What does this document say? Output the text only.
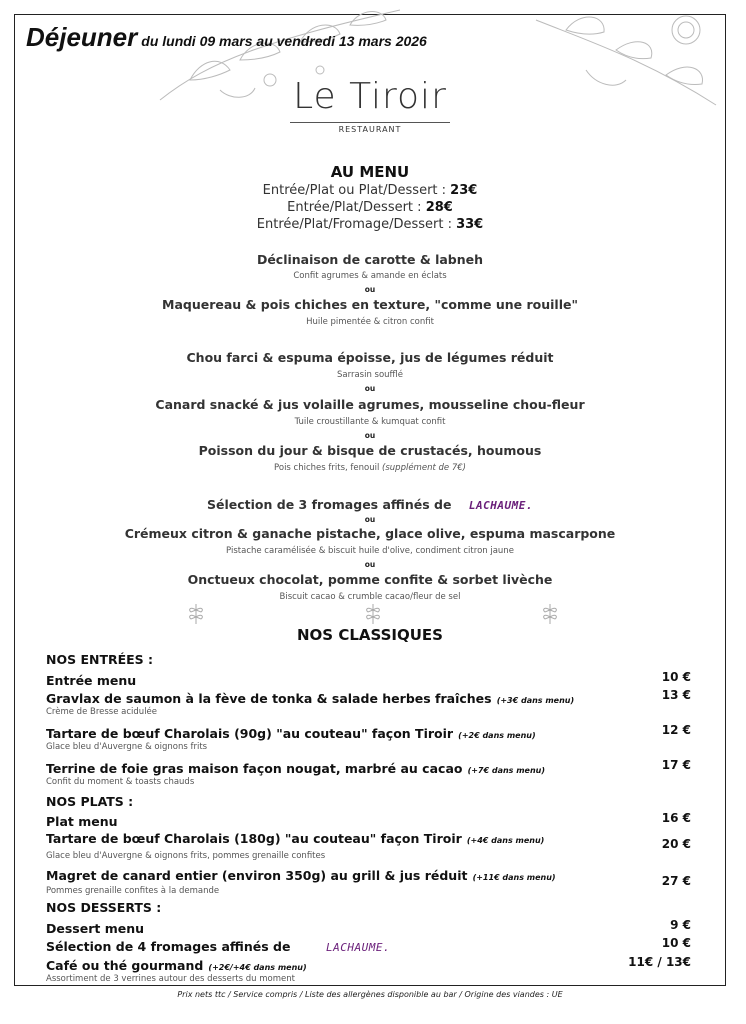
Déjeuner du lundi 09 mars au vendredi 13 mars 2026
Le Tiroir
RESTAURANT
AU MENU
Entrée/Plat ou Plat/Dessert : 23€
Entrée/Plat/Dessert : 28€
Entrée/Plat/Fromage/Dessert : 33€
Déclinaison de carotte & labneh
Confit agrumes & amande en éclats
ou
Maquereau & pois chiches en texture, "comme une rouille"
Huile pimentée & citron confit
Chou farci & espuma époisse, jus de légumes réduit
Sarrasin soufflé
ou
Canard snacké & jus volaille agrumes, mousseline chou-fleur
Tuile croustillante & kumquat confit
ou
Poisson du jour & bisque de crustacés, houmous
Pois chiches frits, fenouil (supplément de 7€)
Sélection de 3 fromages affinés de LACHAUME.
ou
Crémeux citron & ganache pistache, glace olive, espuma mascarpone
Pistache caramélisée & biscuit huile d'olive, condiment citron jaune
ou
Onctueux chocolat, pomme confite & sorbet livèche
Biscuit cacao & crumble cacao/fleur de sel
NOS CLASSIQUES
NOS ENTRÉES :
Entrée menu	10 €
Gravlax de saumon à la fève de tonka & salade herbes fraîches (+3€ dans menu)	13 €
Crème de Bresse acidulée
Tartare de bœuf Charolais (90g) "au couteau" façon Tiroir (+2€ dans menu)	12 €
Glace bleu d'Auvergne & oignons frits
Terrine de foie gras maison façon nougat, marbré au cacao (+7€ dans menu)	17 €
Confit du moment & toasts chauds
NOS PLATS :
Plat menu	16 €
Tartare de bœuf Charolais (180g) "au couteau" façon Tiroir (+4€ dans menu)	20 €
Glace bleu d'Auvergne & oignons frits, pommes grenaille confites
Magret de canard entier (environ 350g) au grill & jus réduit (+11€ dans menu)	27 €
Pommes grenaille confites à la demande
NOS DESSERTS :
Dessert menu	9 €
Sélection de 4 fromages affinés de	LACHAUME.	10 €
Café ou thé gourmand (+2€/+4€ dans menu)	11€ / 13€
Assortiment de 3 verrines autour des desserts du moment
Prix nets ttc / Service compris / Liste des allergènes disponible au bar / Origine des viandes : UE
